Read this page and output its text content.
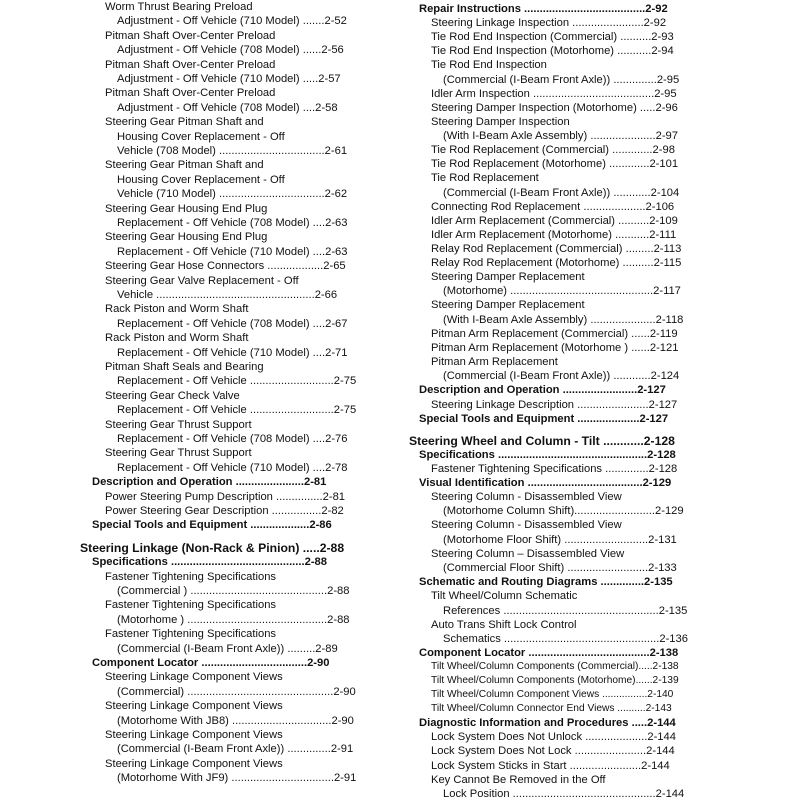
Worm Thrust Bearing Preload
Adjustment - Off Vehicle (710 Model) .......2-52
Pitman Shaft Over-Center Preload
Adjustment - Off Vehicle (708 Model) ......2-56
Pitman Shaft Over-Center Preload
Adjustment - Off Vehicle (710 Model) .....2-57
Pitman Shaft Over-Center Preload
Adjustment - Off Vehicle (708 Model) ....2-58
Steering Gear Pitman Shaft and
Housing Cover Replacement - Off
Vehicle (708 Model) ..................................2-61
Steering Gear Pitman Shaft and
Housing Cover Replacement - Off
Vehicle (710 Model) ..................................2-62
Steering Gear Housing End Plug
Replacement - Off Vehicle (708 Model) ....2-63
Steering Gear Housing End Plug
Replacement - Off Vehicle (710 Model) ....2-63
Steering Gear Hose Connectors ..................2-65
Steering Gear Valve Replacement - Off
Vehicle ...................................................2-66
Rack Piston and Worm Shaft
Replacement - Off Vehicle (708 Model) ....2-67
Rack Piston and Worm Shaft
Replacement - Off Vehicle (710 Model) ....2-71
Pitman Shaft Seals and Bearing
Replacement - Off Vehicle ...........................2-75
Steering Gear Check Valve
Replacement - Off Vehicle ...........................2-75
Steering Gear Thrust Support
Replacement - Off Vehicle (708 Model) ....2-76
Steering Gear Thrust Support
Replacement - Off Vehicle (710 Model) ....2-78
Description and Operation ......................2-81
Power Steering Pump Description ...............2-81
Power Steering Gear Description ................2-82
Special Tools and Equipment ...................2-86
Steering Linkage (Non-Rack & Pinion) .....2-88
Specifications ...........................................2-88
Fastener Tightening Specifications
(Commercial ) ............................................2-88
Fastener Tightening Specifications
(Motorhome ) .............................................2-88
Fastener Tightening Specifications
(Commercial (I-Beam Front Axle)) .........2-89
Component Locator ..................................2-90
Steering Linkage Component Views
(Commercial) ...............................................2-90
Steering Linkage Component Views
(Motorhome With JB8) ................................2-90
Steering Linkage Component Views
(Commercial (I-Beam Front Axle)) ..............2-91
Steering Linkage Component Views
(Motorhome With JF9) .................................2-91
Repair Instructions .......................................2-92
Steering Linkage Inspection .......................2-92
Tie Rod End Inspection (Commercial) ..........2-93
Tie Rod End Inspection (Motorhome) ...........2-94
Tie Rod End Inspection
(Commercial (I-Beam Front Axle)) ..............2-95
Idler Arm Inspection .......................................2-95
Steering Damper Inspection (Motorhome) .....2-96
Steering Damper Inspection
(With I-Beam Axle Assembly) .....................2-97
Tie Rod Replacement (Commercial) .............2-98
Tie Rod Replacement (Motorhome) .............2-101
Tie Rod Replacement
(Commercial (I-Beam Front Axle)) ............2-104
Connecting Rod Replacement ....................2-106
Idler Arm Replacement (Commercial) ..........2-109
Idler Arm Replacement (Motorhome) ...........2-111
Relay Rod Replacement (Commercial) .........2-113
Relay Rod Replacement (Motorhome) ..........2-115
Steering Damper Replacement
(Motorhome) ..............................................2-117
Steering Damper Replacement
(With I-Beam Axle Assembly) .....................2-118
Pitman Arm Replacement (Commercial) ......2-119
Pitman Arm Replacement (Motorhome ) ......2-121
Pitman Arm Replacement
(Commercial (I-Beam Front Axle)) ............2-124
Description and Operation ........................2-127
Steering Linkage Description .......................2-127
Special Tools and Equipment ....................2-127
Steering Wheel and Column - Tilt ............2-128
Specifications ................................................2-128
Fastener Tightening Specifications ..............2-128
Visual Identification .....................................2-129
Steering Column - Disassembled View
(Motorhome Column Shift)..........................2-129
Steering Column - Disassembled View
(Motorhome Floor Shift) ...........................2-131
Steering Column – Disassembled View
(Commercial Floor Shift) ..........................2-133
Schematic and Routing Diagrams ..............2-135
Tilt Wheel/Column Schematic
References ..................................................2-135
Auto Trans Shift Lock Control
Schematics ..................................................2-136
Component Locator .......................................2-138
Tilt Wheel/Column Components (Commercial).....2-138
Tilt Wheel/Column Components (Motorhome)......2-139
Tilt Wheel/Column Component Views ................2-140
Tilt Wheel/Column Connector End Views ..........2-143
Diagnostic Information and Procedures .....2-144
Lock System Does Not Unlock ....................2-144
Lock System Does Not Lock .......................2-144
Lock System Sticks in Start .......................2-144
Key Cannot Be Removed in the Off
Lock Position ..............................................2-144
